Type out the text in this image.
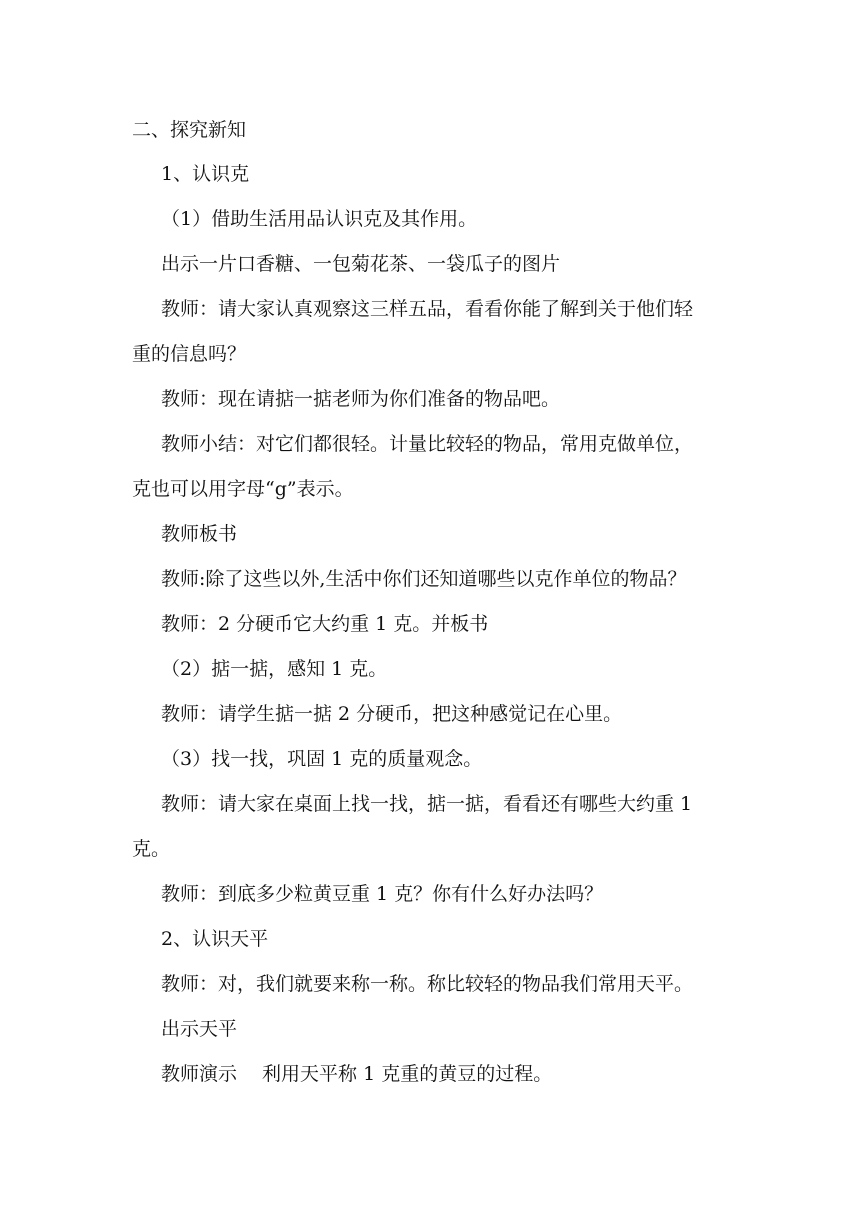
二、探究新知
1、认识克
（1）借助生活用品认识克及其作用。
出示一片口香糖、一包菊花茶、一袋瓜子的图片
教师：请大家认真观察这三样五品，看看你能了解到关于他们轻
重的信息吗？
教师：现在请掂一掂老师为你们准备的物品吧。
教师小结：对它们都很轻。计量比较轻的物品，常用克做单位，
克也可以用字母“g”表示。
教师板书
教师:除了这些以外,生活中你们还知道哪些以克作单位的物品？
教师：2 分硬币它大约重 1 克。并板书
（2）掂一掂，感知 1 克。
教师：请学生掂一掂 2 分硬币，把这种感觉记在心里。
（3）找一找，巩固 1 克的质量观念。
教师：请大家在桌面上找一找，掂一掂，看看还有哪些大约重 1
克。
教师：到底多少粒黄豆重 1 克？你有什么好办法吗？
2、认识天平
教师：对，我们就要来称一称。称比较轻的物品我们常用天平。
出示天平
教师演示　 利用天平称 1 克重的黄豆的过程。
